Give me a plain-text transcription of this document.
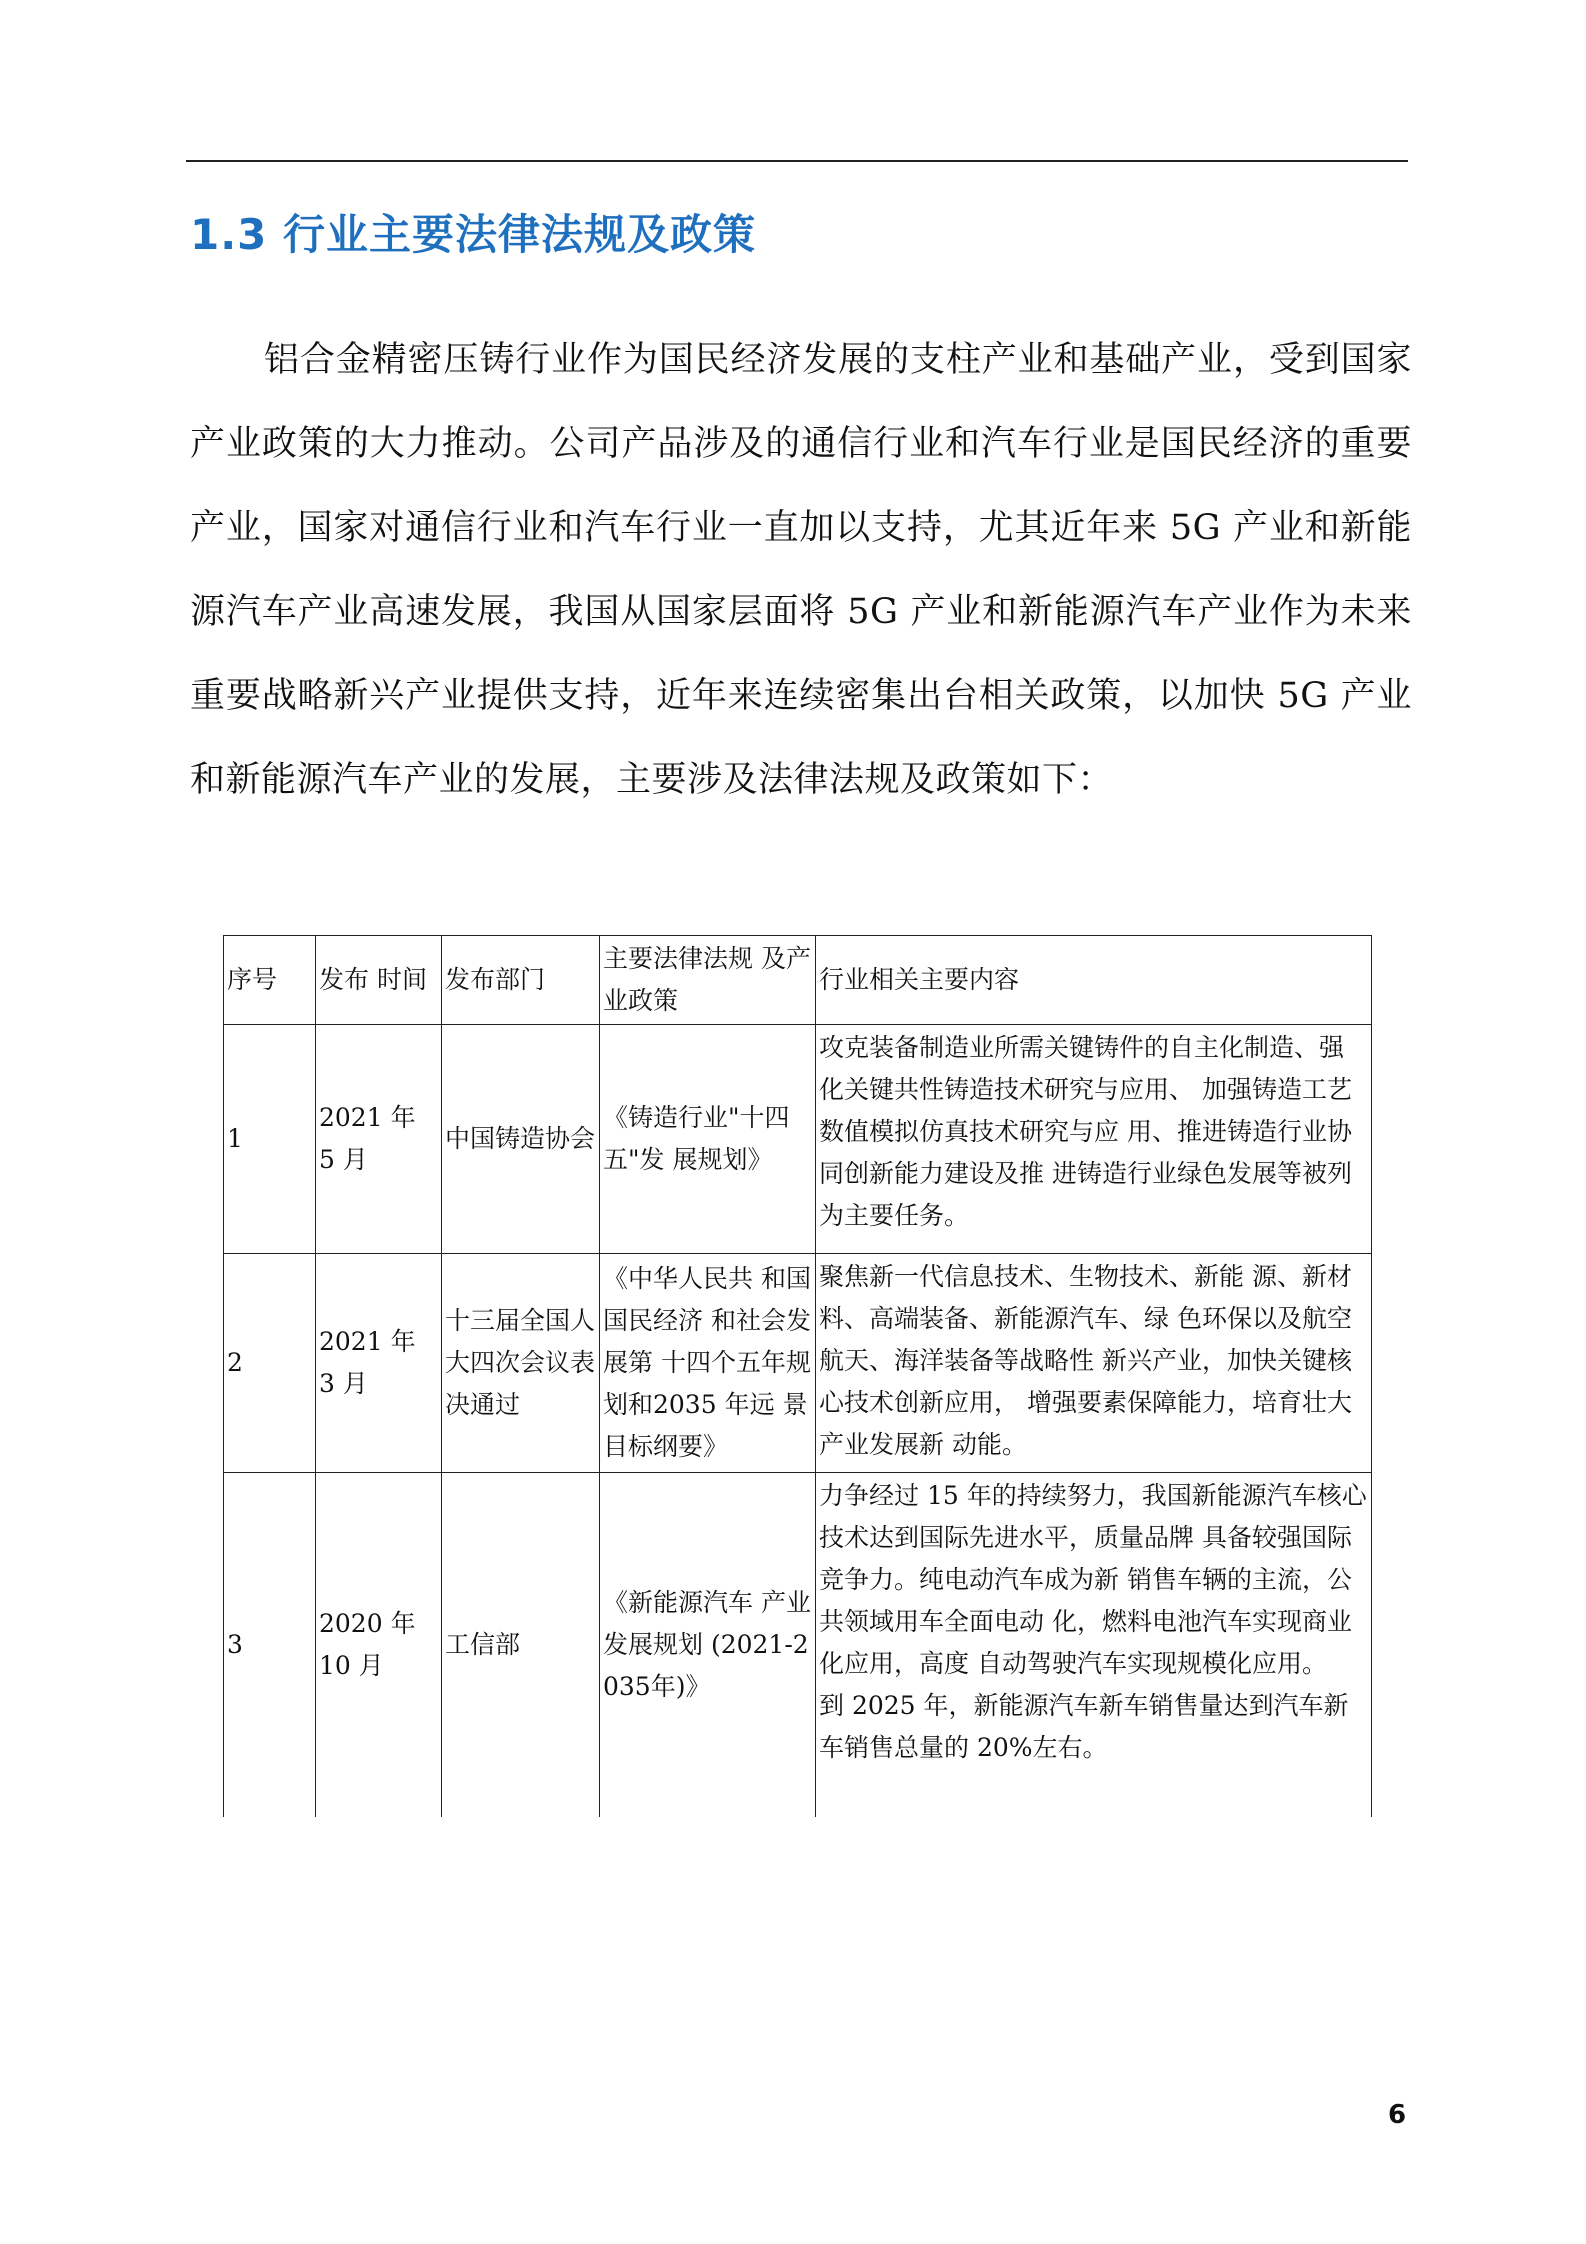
1.3 行业主要法律法规及政策

铝合金精密压铸行业作为国民经济发展的支柱产业和基础产业，受到国家产业政策的大力推动。公司产品涉及的通信行业和汽车行业是国民经济的重要产业，国家对通信行业和汽车行业一直加以支持，尤其近年来 5G 产业和新能源汽车产业高速发展，我国从国家层面将 5G 产业和新能源汽车产业作为未来重要战略新兴产业提供支持，近年来连续密集出台相关政策，以加快 5G 产业和新能源汽车产业的发展，主要涉及法律法规及政策如下：

序号	发布 时间	发布部门	主要法律法规 及产业政策	行业相关主要内容
1	2021 年 5 月	中国铸造协会	《铸造行业"十四五"发 展规划》	攻克装备制造业所需关键铸件的自主化制造、强化关键共性铸造技术研究与应用、 加强铸造工艺数值模拟仿真技术研究与应 用、推进铸造行业协同创新能力建设及推 进铸造行业绿色发展等被列为主要任务。
2	2021 年 3 月	十三届全国人大四次会议表决通过	《中华人民共 和国国民经济 和社会发展第 十四个五年规 划和2035 年远 景目标纲要》	聚焦新一代信息技术、生物技术、新能 源、新材料、高端装备、新能源汽车、绿 色环保以及航空航天、海洋装备等战略性 新兴产业，加快关键核心技术创新应用， 增强要素保障能力，培育壮大产业发展新 动能。
3	2020 年 10 月	工信部	《新能源汽车 产业发展规划 (2021-2035年)》	力争经过 15 年的持续努力，我国新能源汽车核心技术达到国际先进水平，质量品牌 具备较强国际竞争力。纯电动汽车成为新 销售车辆的主流，公共领域用车全面电动 化，燃料电池汽车实现商业化应用，高度 自动驾驶汽车实现规模化应用。
到 2025 年，新能源汽车新车销售量达到汽车新车销售总量的 20%左右。
6
